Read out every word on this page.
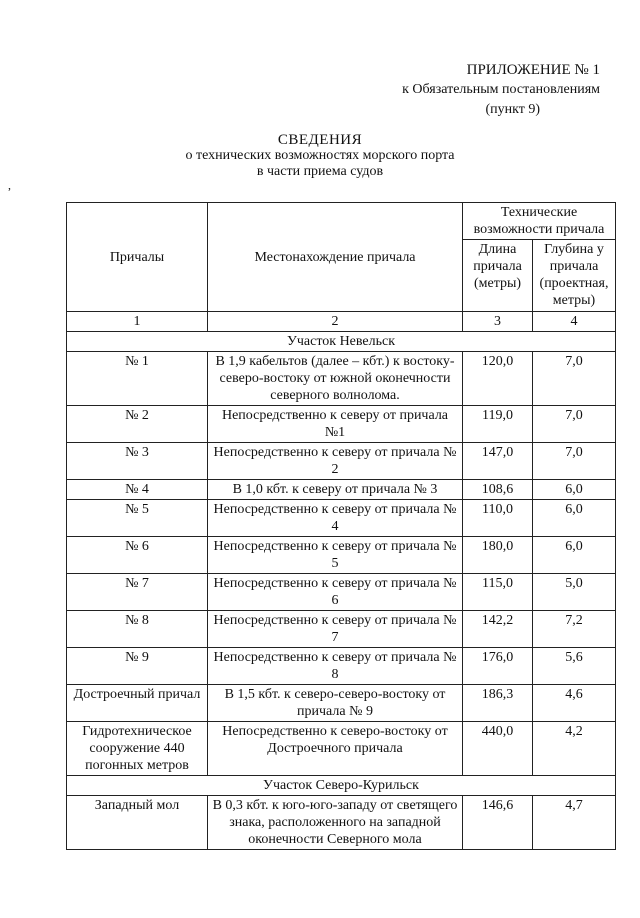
ПРИЛОЖЕНИЕ № 1
к Обязательным постановлениям
(пункт 9)
,
СВЕДЕНИЯ
о технических возможностях морского порта
в части приема судов
Причалы	Местонахождение причала	Технические возможности причала	
		Длина причала (метры)	Глубина у причала (проектная, метры)
1	2	3	4
Участок Невельск			
№ 1	В 1,9 кабельтов (далее – кбт.) к востоку-северо-востоку от южной оконечности северного волнолома.	120,0	7,0
№ 2	Непосредственно к северу от причала №1	119,0	7,0
№ 3	Непосредственно к северу от причала № 2	147,0	7,0
№ 4	В 1,0 кбт. к северу от причала № 3	108,6	6,0
№ 5	Непосредственно к северу от причала № 4	110,0	6,0
№ 6	Непосредственно к северу от причала № 5	180,0	6,0
№ 7	Непосредственно к северу от причала № 6	115,0	5,0
№ 8	Непосредственно к северу от причала № 7	142,2	7,2
№ 9	Непосредственно к северу от причала № 8	176,0	5,6
Достроечный причал	В 1,5 кбт. к северо-северо-востоку от причала № 9	186,3	4,6
Гидротехническое сооружение 440 погонных метров	Непосредственно к северо-востоку от Достроечного причала	440,0	4,2
Участок Северо-Курильск			
Западный мол	В 0,3 кбт. к юго-юго-западу от светящего знака, расположенного на западной оконечности Северного мола	146,6	4,7
